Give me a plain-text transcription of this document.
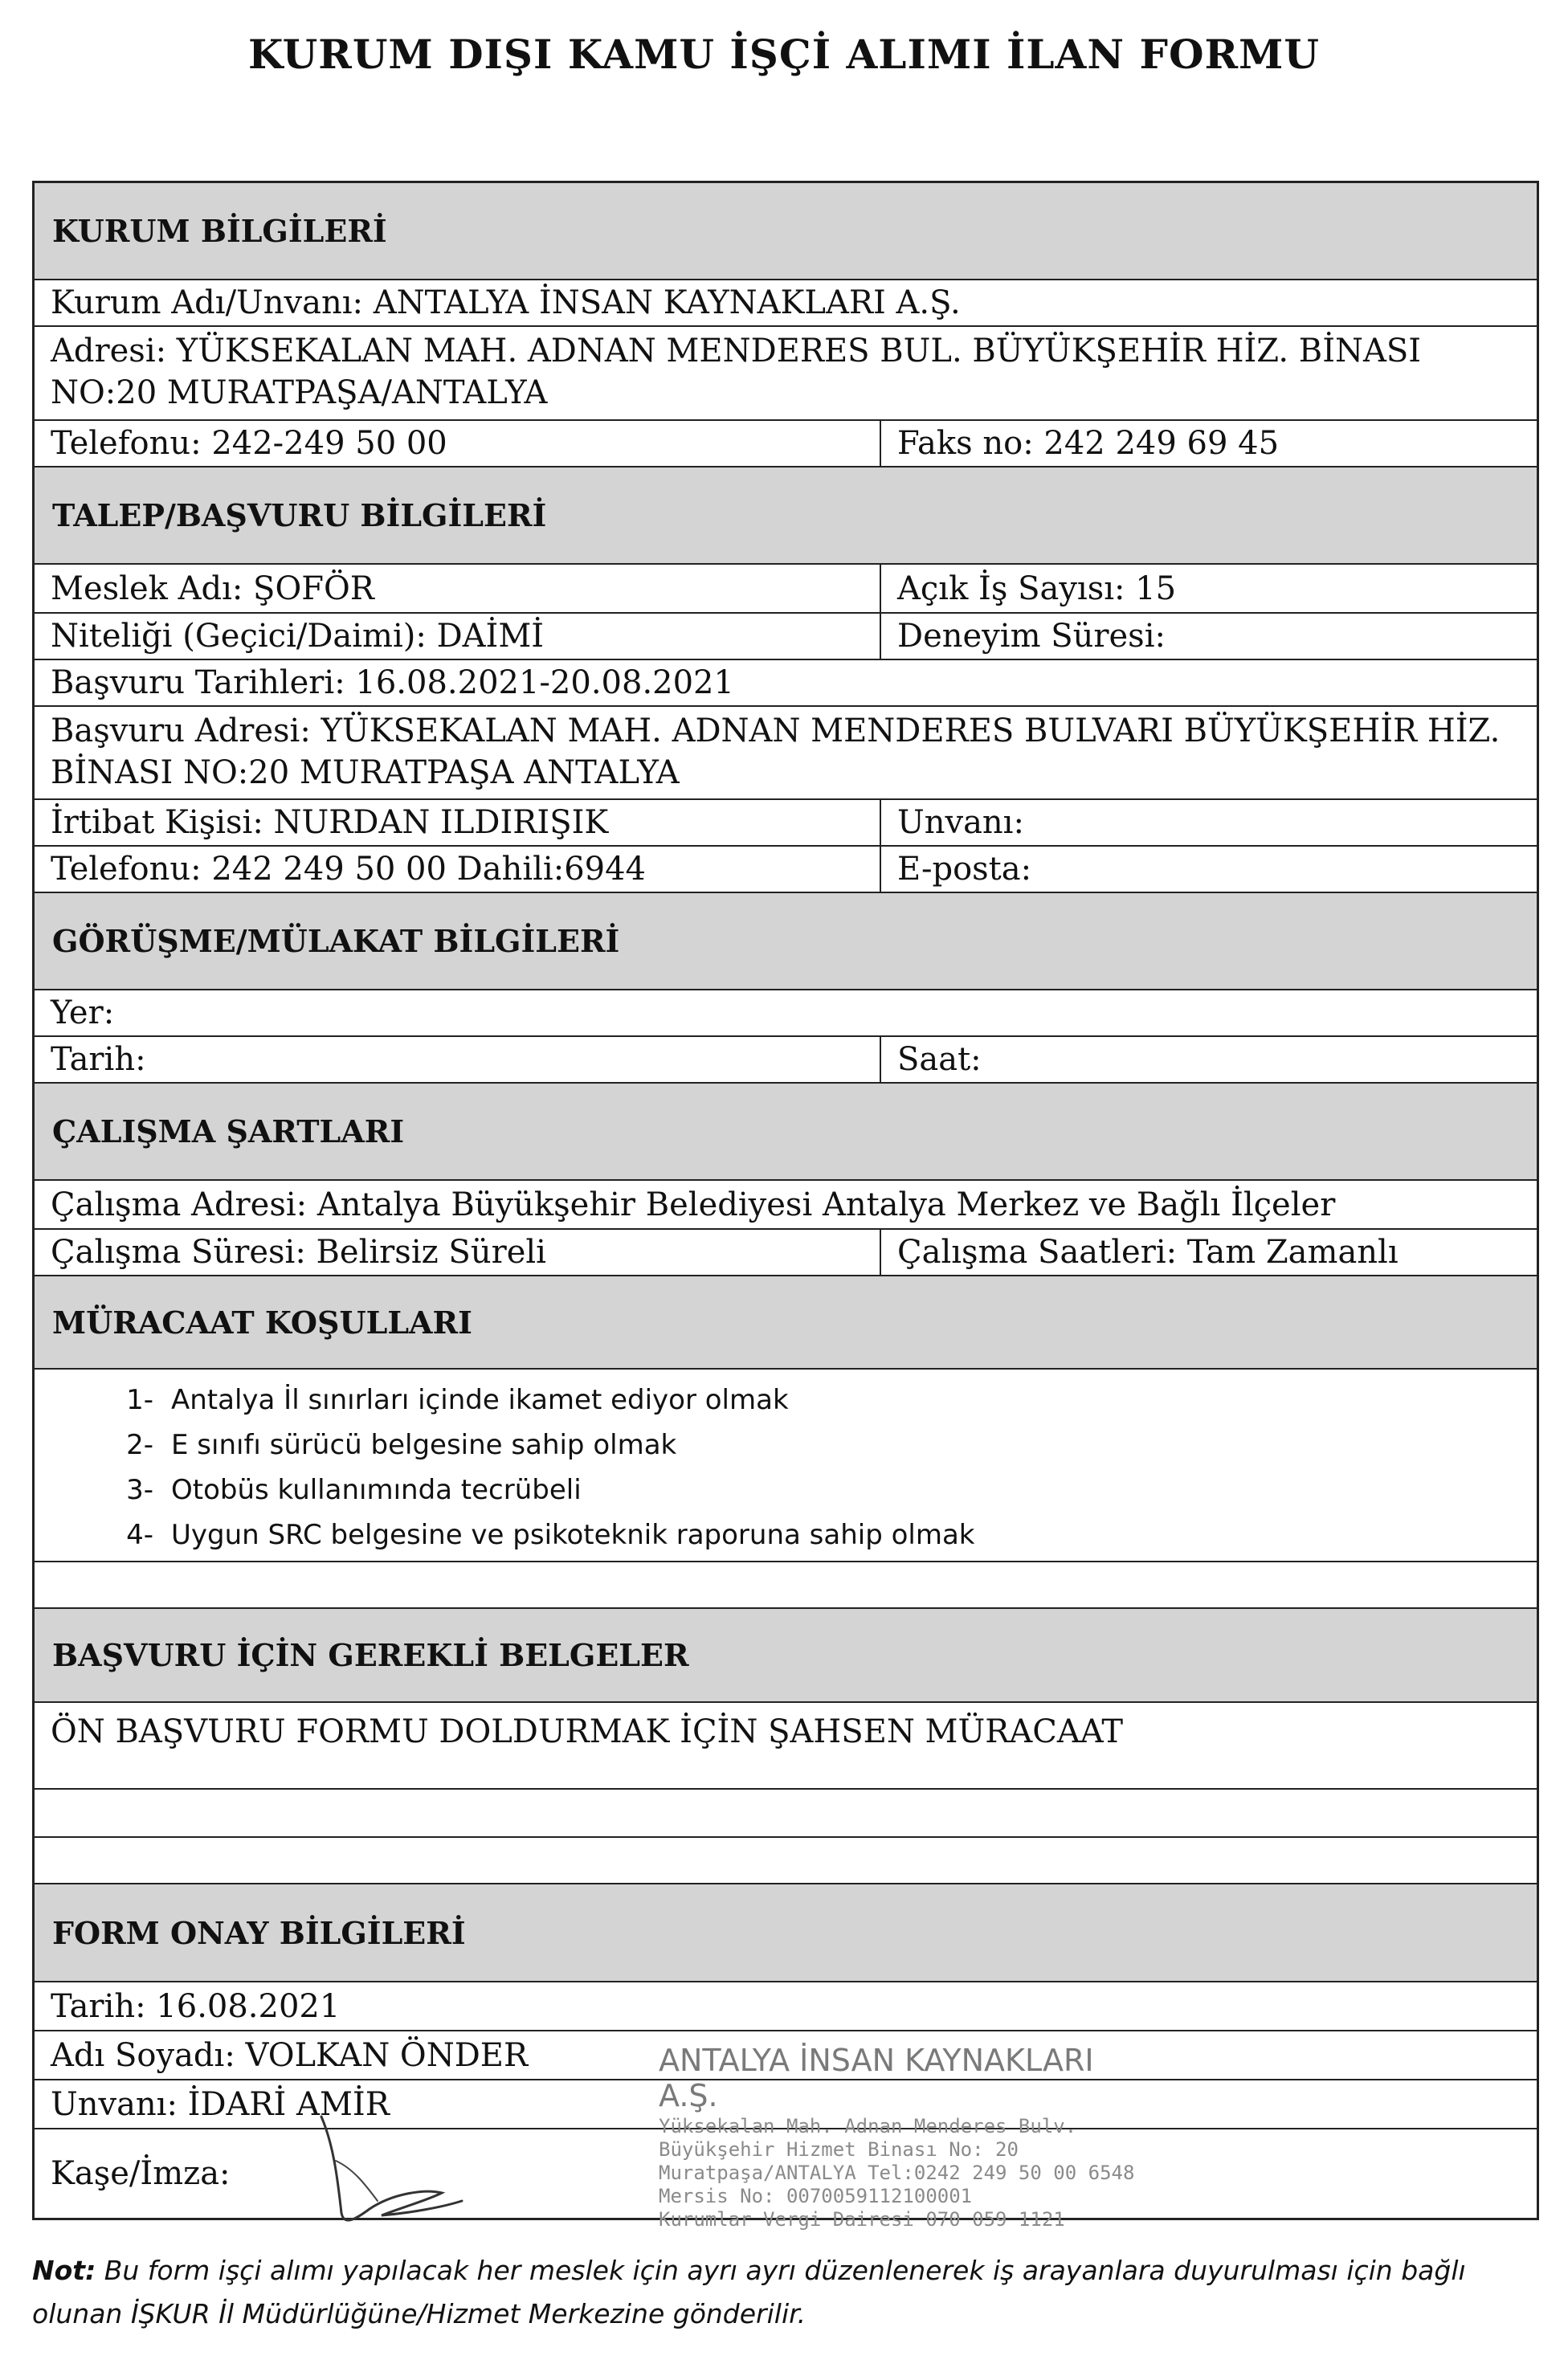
KURUM DIŞI KAMU İŞÇİ ALIMI İLAN FORMU
KURUM BİLGİLERİ
Kurum Adı/Unvanı: ANTALYA İNSAN KAYNAKLARI A.Ş.
Adresi: YÜKSEKALAN MAH. ADNAN MENDERES BUL. BÜYÜKŞEHİR HİZ. BİNASI
NO:20 MURATPAŞA/ANTALYA
Telefonu: 242-249 50 00	Faks no: 242 249 69 45
TALEP/BAŞVURU BİLGİLERİ
Meslek Adı: ŞOFÖR	Açık İş Sayısı: 15
Niteliği (Geçici/Daimi): DAİMİ	Deneyim Süresi:
Başvuru Tarihleri: 16.08.2021-20.08.2021
Başvuru Adresi: YÜKSEKALAN MAH. ADNAN MENDERES BULVARI BÜYÜKŞEHİR HİZ.
BİNASI NO:20 MURATPAŞA ANTALYA
İrtibat Kişisi: NURDAN ILDIRIŞIK	Unvanı:
Telefonu: 242 249 50 00 Dahili:6944	E-posta:
GÖRÜŞME/MÜLAKAT BİLGİLERİ
Yer:
Tarih:	Saat:
ÇALIŞMA ŞARTLARI
Çalışma Adresi: Antalya Büyükşehir Belediyesi Antalya Merkez ve Bağlı İlçeler
Çalışma Süresi: Belirsiz Süreli	Çalışma Saatleri: Tam Zamanlı
MÜRACAAT KOŞULLARI
1- Antalya İl sınırları içinde ikamet ediyor olmak
2- E sınıfı sürücü belgesine sahip olmak
3- Otobüs kullanımında tecrübeli
4- Uygun SRC belgesine ve psikoteknik raporuna sahip olmak
BAŞVURU İÇİN GEREKLİ BELGELER
ÖN BAŞVURU FORMU DOLDURMAK İÇİN ŞAHSEN MÜRACAAT
FORM ONAY BİLGİLERİ
Tarih: 16.08.2021
Adı Soyadı: VOLKAN ÖNDER
Unvanı: İDARİ AMİR
Kaşe/İmza:
ANTALYA İNSAN KAYNAKLARI A.Ş.
Yüksekalan Mah. Adnan Menderes Bulv.
Büyükşehir Hizmet Binası No: 20
Muratpaşa/ANTALYA Tel:0242 249 50 00 6548
Mersis No: 0070059112100001
Kurumlar Vergi Dairesi 070 059 1121
Not: Bu form işçi alımı yapılacak her meslek için ayrı ayrı düzenlenerek iş arayanlara duyurulması için bağlı olunan İŞKUR İl Müdürlüğüne/Hizmet Merkezine gönderilir.
